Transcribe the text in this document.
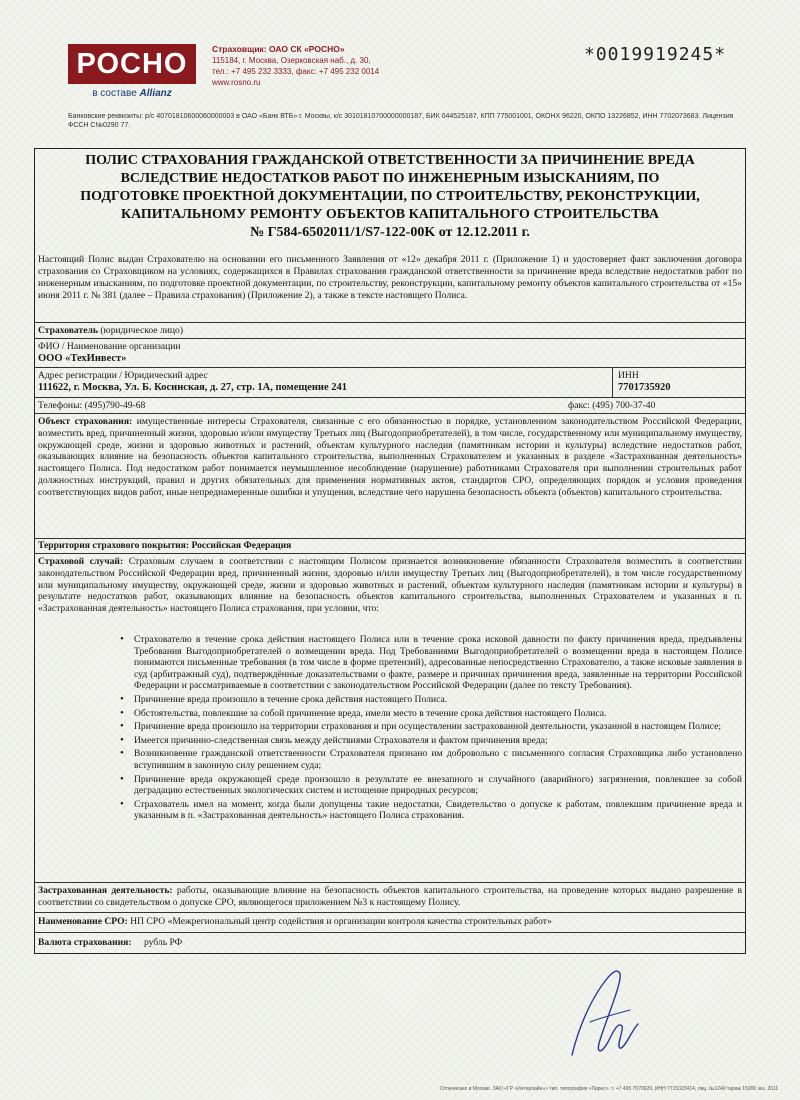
РОСНО
в составе Allianz
Страховщик: ОАО СК «РОСНО»
115184, г. Москва, Озерковская наб., д. 30,
тел.: +7 495 232 3333, факс: +7 495 232 0014
www.rosno.ru
*0019919245*
Банковские реквизиты: р/с 40701810600060000003 в ОАО «Банк ВТБ» г. Москвы, к/с 30101810700000000187, БИК 044525187, КПП 775001001, ОКОНХ 96220, ОКПО 13226852, ИНН 7702073683. Лицензия ФССН С№0290 77.
ПОЛИС СТРАХОВАНИЯ ГРАЖДАНСКОЙ ОТВЕТСТВЕННОСТИ ЗА ПРИЧИНЕНИЕ ВРЕДА
ВСЛЕДСТВИЕ НЕДОСТАТКОВ РАБОТ ПО ИНЖЕНЕРНЫМ ИЗЫСКАНИЯМ, ПО
ПОДГОТОВКЕ ПРОЕКТНОЙ ДОКУМЕНТАЦИИ, ПО СТРОИТЕЛЬСТВУ, РЕКОНСТРУКЦИИ,
КАПИТАЛЬНОМУ РЕМОНТУ ОБЪЕКТОВ КАПИТАЛЬНОГО СТРОИТЕЛЬСТВА
№ Г584-6502011/1/S7-122-00K от 12.12.2011 г.
Настоящий Полис выдан Страхователю на основании его письменного Заявления от «12» декабря 2011 г. (Приложение 1) и удостоверяет факт заключения договора страхования со Страховщиком на условиях, содержащихся в Правилах страхования гражданской ответственности за причинение вреда вследствие недостатков работ по инженерным изысканиям, по подготовке проектной документации, по строительству, реконструкции, капитальному ремонту объектов капитального строительства от «15» июня 2011 г. № 381 (далее – Правила страхования) (Приложение 2), а также в тексте настоящего Полиса.
Страхователь (юридическое лицо)
ФИО / Наименование организации
ООО «ТехИнвест»
Адрес регистрации / Юридический адрес
111622, г. Москва, Ул. Б. Косинская, д. 27, стр. 1А, помещение 241
ИНН
7701735920
Телефоны: (495)790-49-68	факс: (495) 700-37-40
Объект страхования: имущественные интересы Страхователя, связанные с его обязанностью в порядке, установленном законодательством Российской Федерации, возместить вред, причиненный жизни, здоровью и/или имуществу Третьих лиц (Выгодоприобретателей), в том числе, государственному или муниципальному имуществу, окружающей среде, жизни и здоровью животных и растений, объектам культурного наследия (памятникам истории и культуры) вследствие недостатков работ, оказывающих влияние на безопасность объектов капитального строительства, выполненных Страхователем и указанных в разделе «Застрахованная деятельность» настоящего Полиса. Под недостатком работ понимается неумышленное несоблюдение (нарушение) работниками Страхователя при выполнении строительных работ должностных инструкций, правил и других обязательных для применения нормативных актов, стандартов СРО, определяющих порядок и условия проведения соответствующих видов работ, иные непреднамеренные ошибки и упущения, вследствие чего нарушена безопасность объекта (объектов) капитального строительства.
Территория страхового покрытия: Российская Федерация
Страховой случай: Страховым случаем в соответствии с настоящим Полисом признается возникновение обязанности Страхователя возместить в соответствии законодательством Российской Федерации вред, причиненный жизни, здоровью и/или имуществу Третьих лиц (Выгодоприобретателей), в том числе государственному или муниципальному имуществу, окружающей среде, жизни и здоровью животных и растений, объектам культурного наследия (памятникам истории и культуры) в результате недостатков работ, оказывающих влияние на безопасность объектов капитального строительства, выполненных Страхователем и указанных в п. «Застрахованная деятельность» настоящего Полиса страхования, при условии, что:
• Страхователю в течение срока действия настоящего Полиса или в течение срока исковой давности по факту причинения вреда, предъявлены Требования Выгодоприобретателей о возмещении вреда. Под Требованиями Выгодоприобретателей о возмещении вреда в настоящем Полисе понимаются письменные требования (в том числе в форме претензий), адресованные непосредственно Страхователю, а также исковые заявления в суд (арбитражный суд), подтверждённые доказательствами о факте, размере и причинах причинения вреда, заявленные на территории Российской Федерации и рассматриваемые в соответствии с законодательством Российской Федерации (далее по тексту Требования).
• Причинение вреда произошло в течение срока действия настоящего Полиса.
• Обстоятельства, повлекшие за собой причинение вреда, имели место в течение срока действия настоящего Полиса.
• Причинение вреда произошло на территории страхования и при осуществлении застрахованной деятельности, указанной в настоящем Полисе;
• Имеется причинно-следственная связь между действиями Страхователя и фактом причинения вреда;
• Возникновение гражданской ответственности Страхователя признано им добровольно с письменного согласия Страховщика либо установлено вступившим в законную силу решением суда;
• Причинение вреда окружающей среде произошло в результате ее внезапного и случайного (аварийного) загрязнения, повлекшее за собой деградацию естественных экологических систем и истощение природных ресурсов;
• Страхователь имел на момент, когда были допущены такие недостатки, Свидетельство о допуске к работам, повлекшим причинение вреда и указанным в п. «Застрахованная деятельность» настоящего Полиса страхования.
Застрахованная деятельность: работы, оказывающие влияние на безопасность объектов капитального строительства, на проведение которых выдано разрешение в соответствии со свидетельством о допуске СРО, являющегося приложением №3 к настоящему Полису.
Наименование СРО: НП СРО «Межрегиональный центр содействия и организации контроля качества строительных работ»
Валюта страхования: рубль РФ
Отпечатано в Москве. ЗАО «ГР «Интерлайн»» тип. типография «Ларес». т. +7 495 7070620, ИНН 7715323414, лиц. №1240 тираж 15000 экз. 2011
